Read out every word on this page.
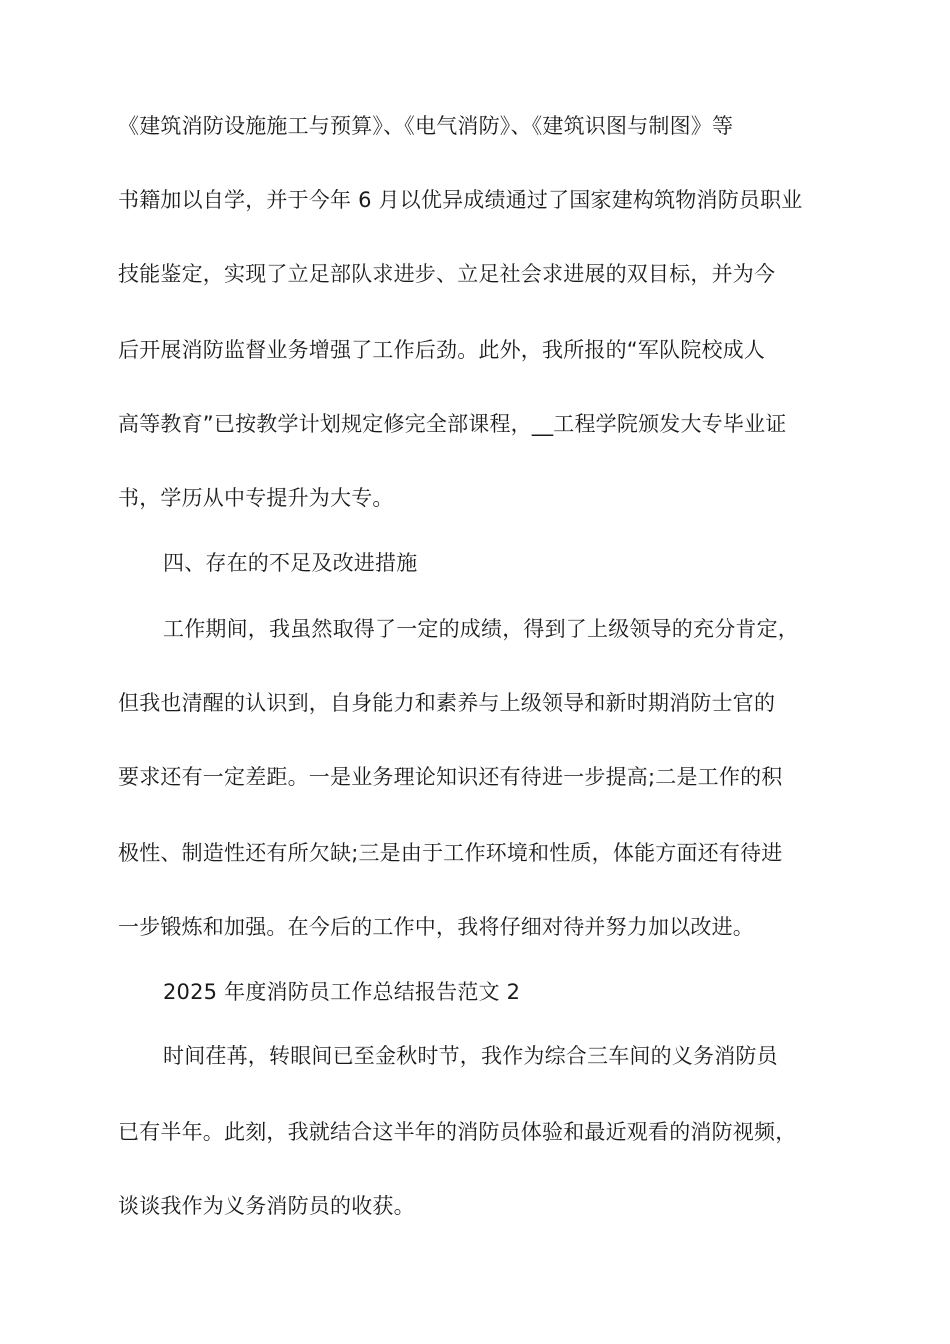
《建筑消防设施施工与预算》、《电气消防》、《建筑识图与制图》等
书籍加以自学，并于今年 6 月以优异成绩通过了国家建构筑物消防员职业
技能鉴定，实现了立足部队求进步、立足社会求进展的双目标，并为今
后开展消防监督业务增强了工作后劲。此外，我所报的“军队院校成人
高等教育”已按教学计划规定修完全部课程，__工程学院颁发大专毕业证
书，学历从中专提升为大专。
四、存在的不足及改进措施
工作期间，我虽然取得了一定的成绩，得到了上级领导的充分肯定，
但我也清醒的认识到，自身能力和素养与上级领导和新时期消防士官的
要求还有一定差距。一是业务理论知识还有待进一步提高;二是工作的积
极性、制造性还有所欠缺;三是由于工作环境和性质，体能方面还有待进
一步锻炼和加强。在今后的工作中，我将仔细对待并努力加以改进。
2025 年度消防员工作总结报告范文 2
时间荏苒，转眼间已至金秋时节，我作为综合三车间的义务消防员
已有半年。此刻，我就结合这半年的消防员体验和最近观看的消防视频，
谈谈我作为义务消防员的收获。
